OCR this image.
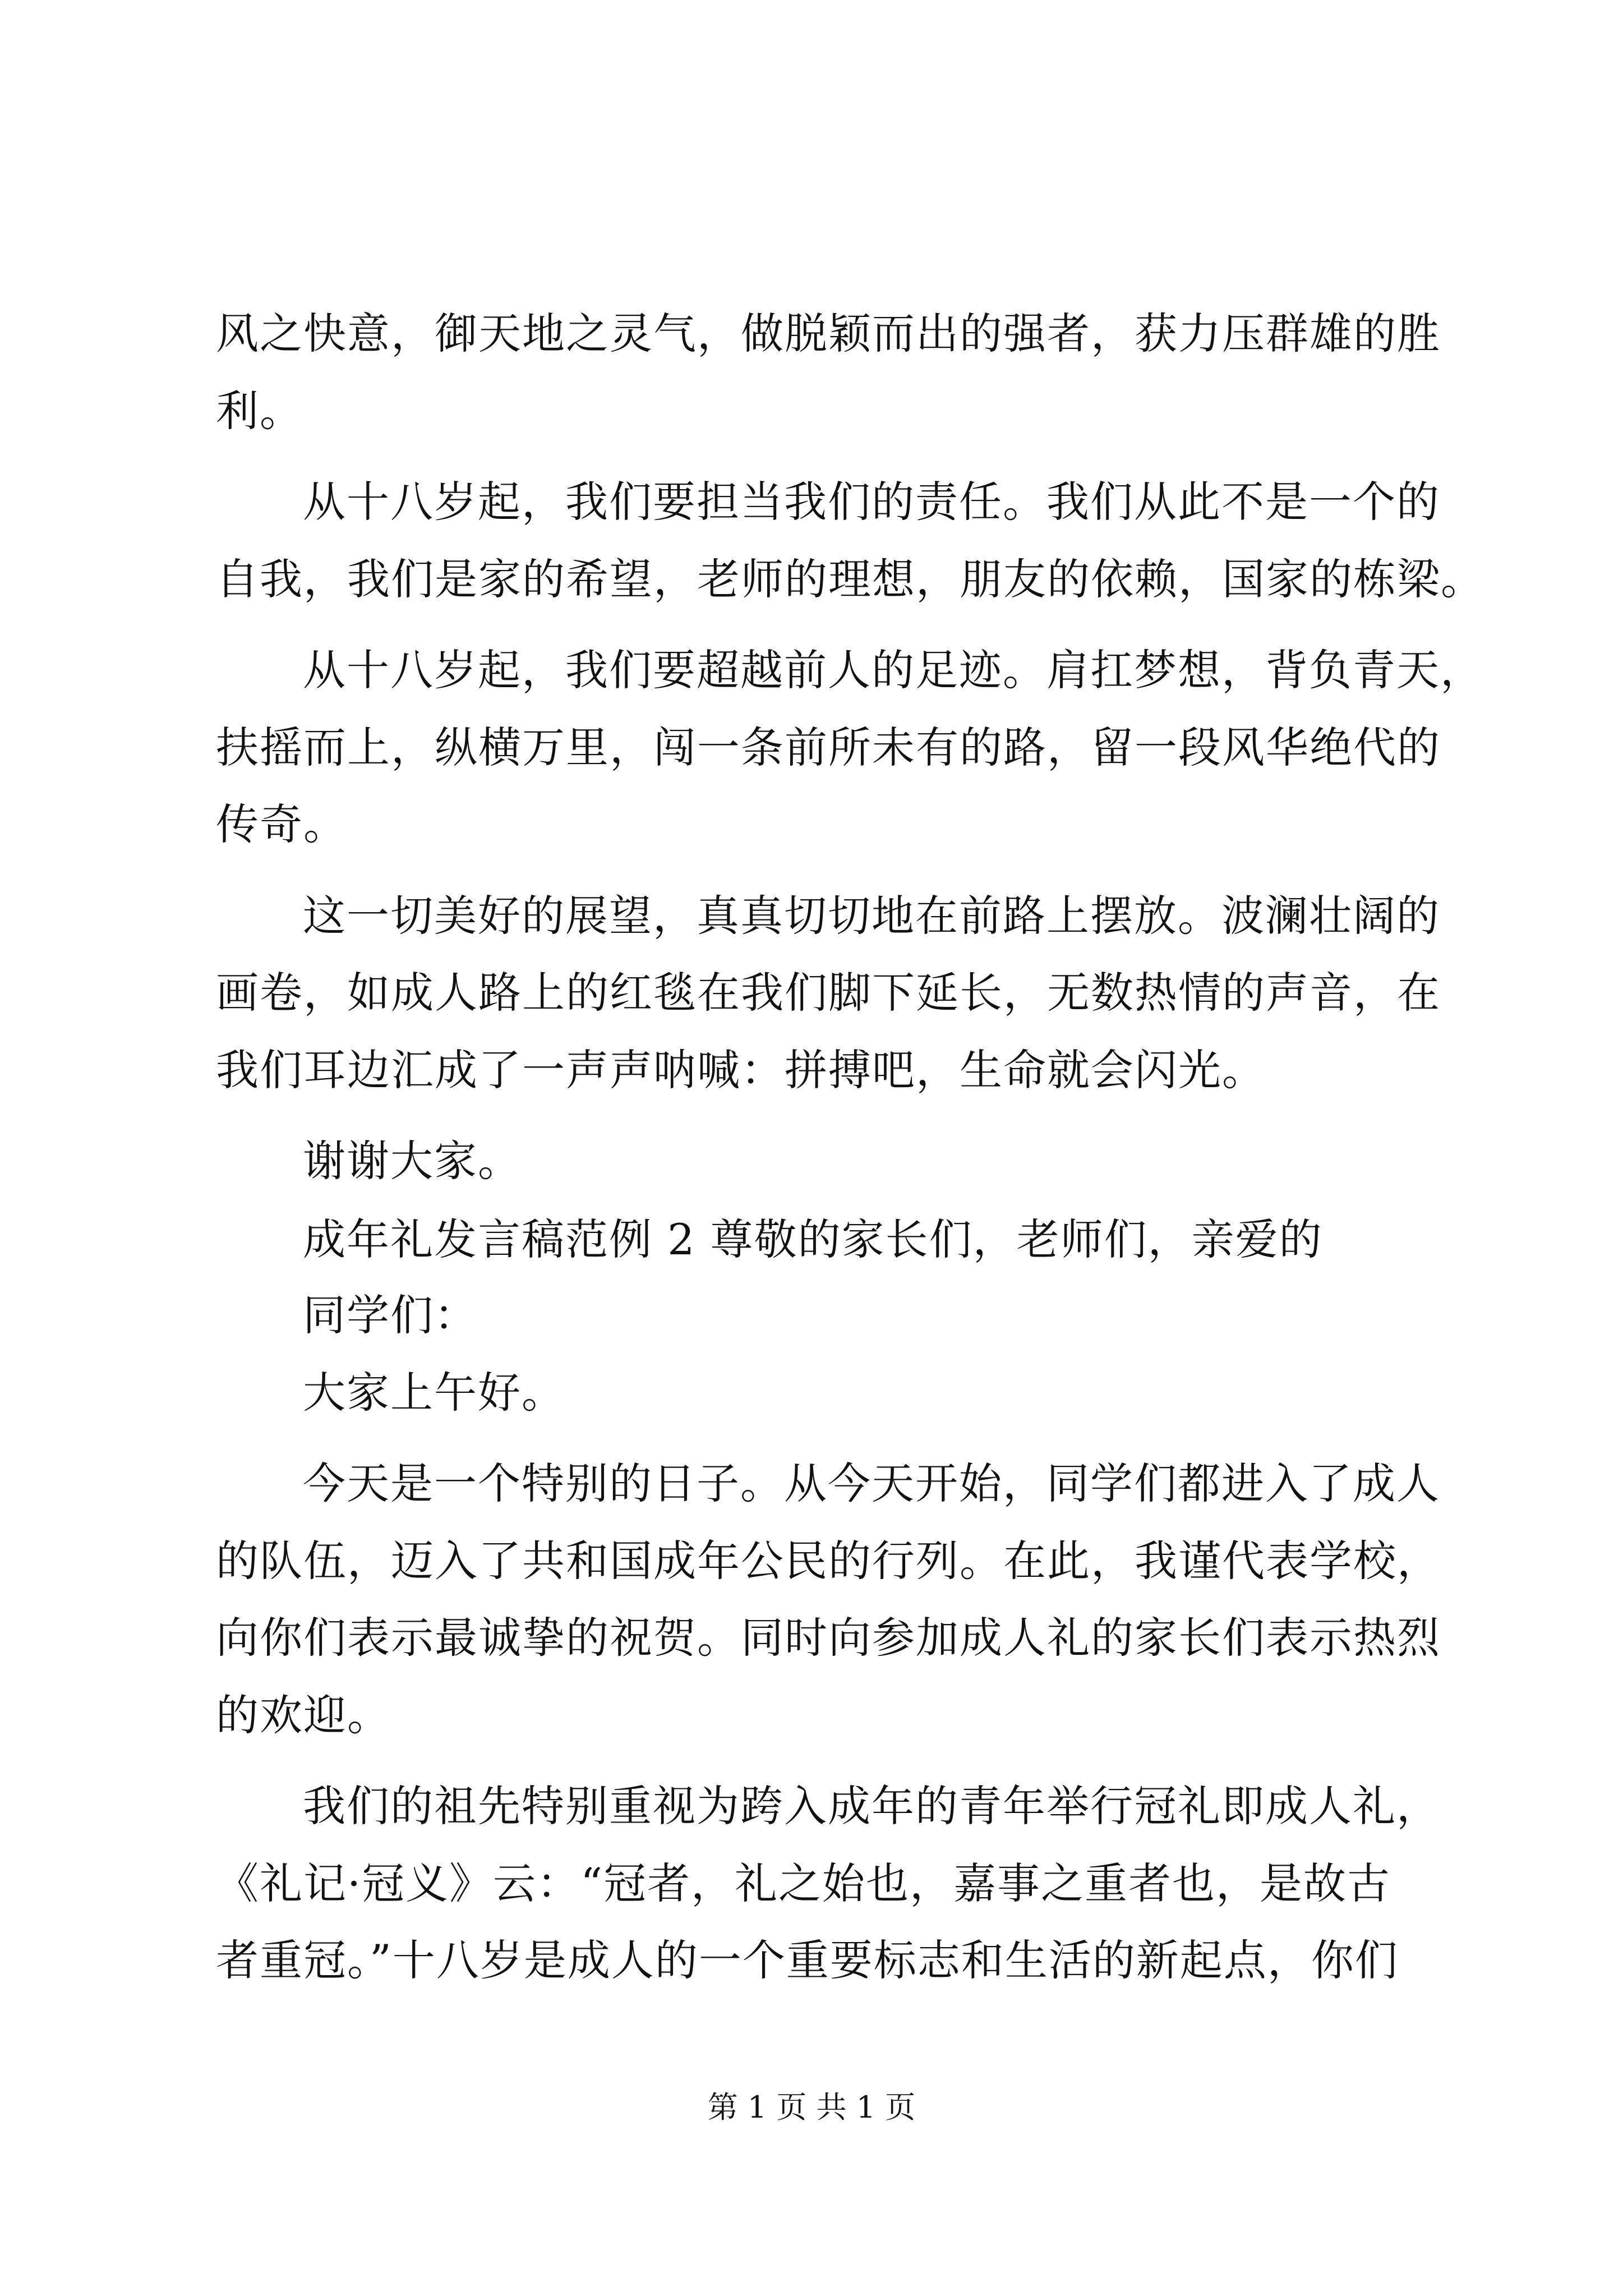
风之快意，御天地之灵气，做脱颖而出的强者，获力压群雄的胜
利。
从十八岁起，我们要担当我们的责任。我们从此不是一个的
自我，我们是家的希望，老师的理想，朋友的依赖，国家的栋梁。
从十八岁起，我们要超越前人的足迹。肩扛梦想，背负青天，
扶摇而上，纵横万里，闯一条前所未有的路，留一段风华绝代的
传奇。
这一切美好的展望，真真切切地在前路上摆放。波澜壮阔的
画卷，如成人路上的红毯在我们脚下延长，无数热情的声音，在
我们耳边汇成了一声声呐喊：拼搏吧，生命就会闪光。
谢谢大家。
成年礼发言稿范例 2 尊敬的家长们，老师们，亲爱的
同学们：
大家上午好。
今天是一个特别的日子。从今天开始，同学们都进入了成人
的队伍，迈入了共和国成年公民的行列。在此，我谨代表学校，
向你们表示最诚挚的祝贺。同时向参加成人礼的家长们表示热烈
的欢迎。
我们的祖先特别重视为跨入成年的青年举行冠礼即成人礼，
《礼记·冠义》云：“冠者，礼之始也，嘉事之重者也，是故古
者重冠。”十八岁是成人的一个重要标志和生活的新起点，你们
第 1 页 共 1 页
